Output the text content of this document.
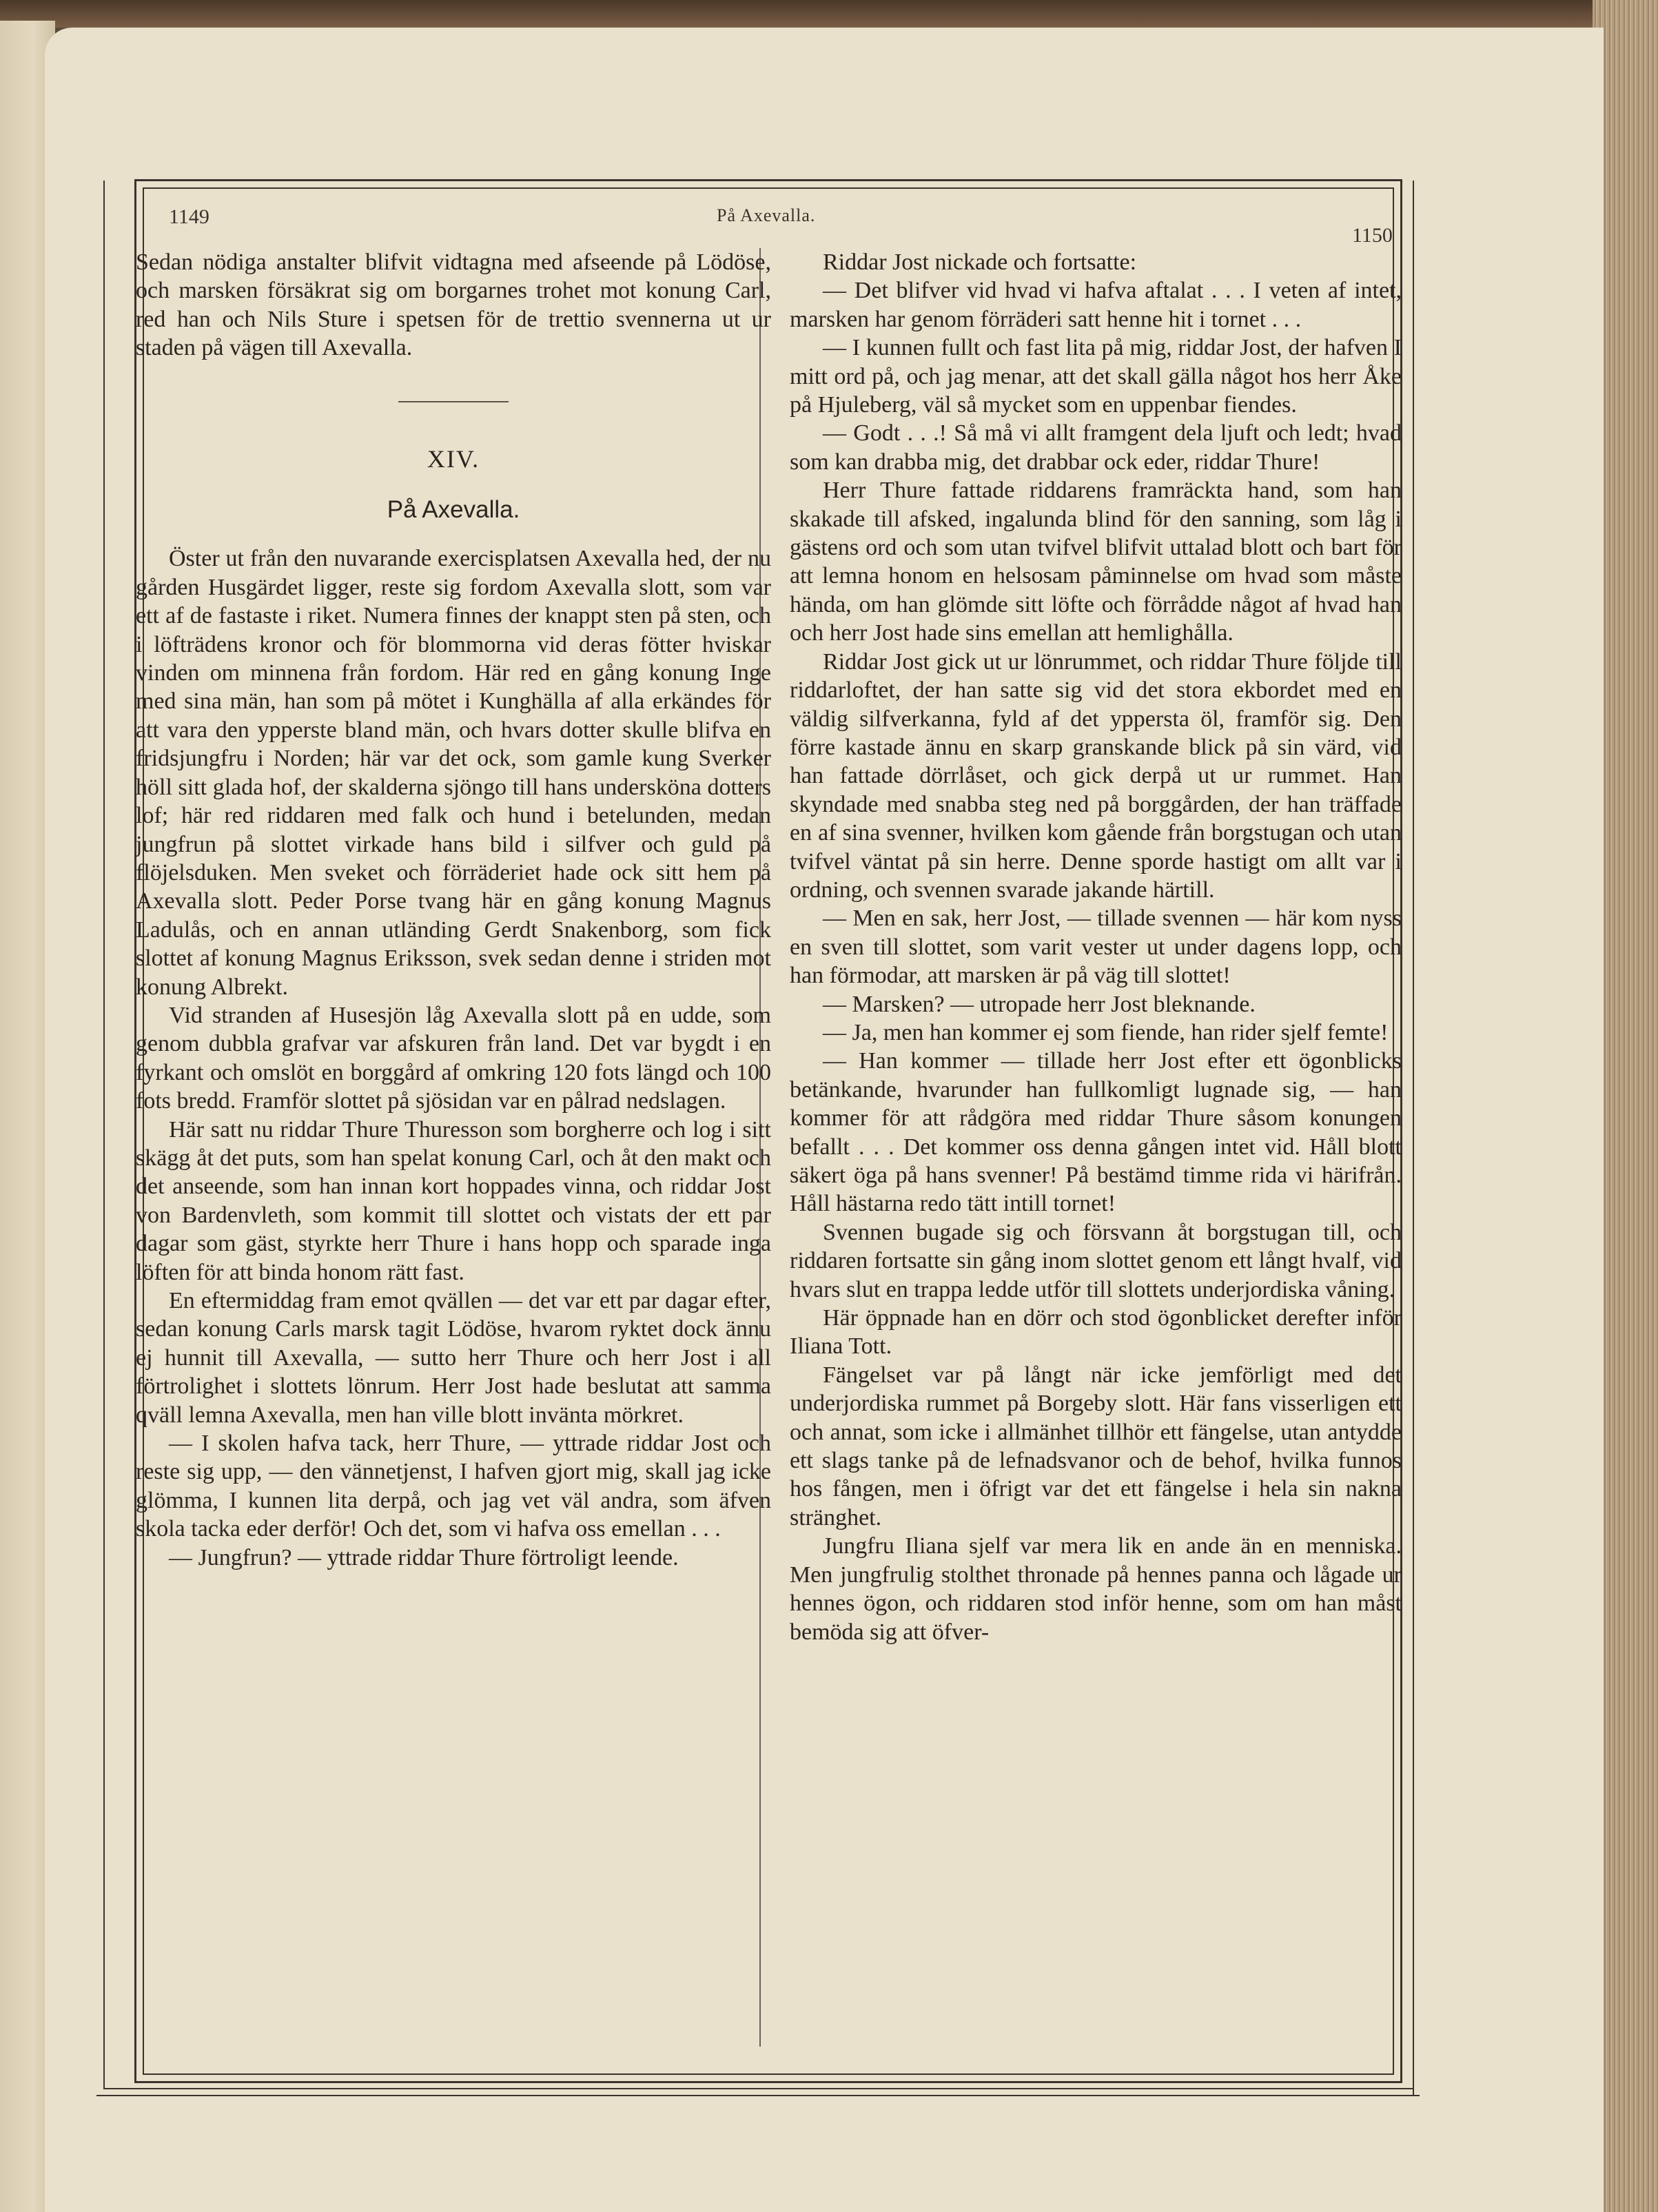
1149	På Axevalla.
1150

Sedan nödiga anstalter blifvit vidtagna med afseende på Lödöse, och marsken försäkrat sig om borgarnes trohet mot konung Carl, red han och Nils Sture i spetsen för de trettio svennerna ut ur staden på vägen till Axevalla.

XIV.
På Axevalla.

Öster ut från den nuvarande exercisplatsen Axevalla hed, der nu gården Husgärdet ligger, reste sig fordom Axevalla slott, som var ett af de fastaste i riket. Numera finnes der knappt sten på sten, och i löfträdens kronor och för blommorna vid deras fötter hviskar vinden om minnena från fordom. Här red en gång konung Inge med sina män, han som på mötet i Kunghälla af alla erkändes för att vara den ypperste bland män, och hvars dotter skulle blifva en fridsjungfru i Norden; här var det ock, som gamle kung Sverker höll sitt glada hof, der skalderna sjöngo till hans undersköna dotters lof; här red riddaren med falk och hund i betelunden, medan jungfrun på slottet virkade hans bild i silfver och guld på flöjelsduken. Men sveket och förräderiet hade ock sitt hem på Axevalla slott. Peder Porse tvang här en gång konung Magnus Ladulås, och en annan utländing Gerdt Snakenborg, som fick slottet af konung Magnus Eriksson, svek sedan denne i striden mot konung Albrekt.

Vid stranden af Husesjön låg Axevalla slott på en udde, som genom dubbla grafvar var afskuren från land. Det var bygdt i en fyrkant och omslöt en borggård af omkring 120 fots längd och 100 fots bredd. Framför slottet på sjösidan var en pålrad nedslagen.

Här satt nu riddar Thure Thuresson som borgherre och log i sitt skägg åt det puts, som han spelat konung Carl, och åt den makt och det anseende, som han innan kort hoppades vinna, och riddar Jost von Bardenvleth, som kommit till slottet och vistats der ett par dagar som gäst, styrkte herr Thure i hans hopp och sparade inga löften för att binda honom rätt fast.

En eftermiddag fram emot qvällen — det var ett par dagar efter, sedan konung Carls marsk tagit Lödöse, hvarom ryktet dock ännu ej hunnit till Axevalla, — sutto herr Thure och herr Jost i all förtrolighet i slottets lönrum. Herr Jost hade beslutat att samma qväll lemna Axevalla, men han ville blott invänta mörkret.

— I skolen hafva tack, herr Thure, — yttrade riddar Jost och reste sig upp, — den vännetjenst, I hafven gjort mig, skall jag icke glömma, I kunnen lita derpå, och jag vet väl andra, som äfven skola tacka eder derför! Och det, som vi hafva oss emellan . . .

— Jungfrun? — yttrade riddar Thure förtroligt leende.

Riddar Jost nickade och fortsatte:

— Det blifver vid hvad vi hafva aftalat . . . I veten af intet, marsken har genom förräderi satt henne hit i tornet . . .

— I kunnen fullt och fast lita på mig, riddar Jost, der hafven I mitt ord på, och jag menar, att det skall gälla något hos herr Åke på Hjuleberg, väl så mycket som en uppenbar fiendes.

— Godt . . .! Så må vi allt framgent dela ljuft och ledt; hvad som kan drabba mig, det drabbar ock eder, riddar Thure!

Herr Thure fattade riddarens framräckta hand, som han skakade till afsked, ingalunda blind för den sanning, som låg i gästens ord och som utan tvifvel blifvit uttalad blott och bart för att lemna honom en helsosam påminnelse om hvad som måste hända, om han glömde sitt löfte och förrådde något af hvad han och herr Jost hade sins emellan att hemlighålla.

Riddar Jost gick ut ur lönrummet, och riddar Thure följde till riddarloftet, der han satte sig vid det stora ekbordet med en väldig silfverkanna, fyld af det yppersta öl, framför sig. Den förre kastade ännu en skarp granskande blick på sin värd, vid han fattade dörrlåset, och gick derpå ut ur rummet. Han skyndade med snabba steg ned på borggården, der han träffade en af sina svenner, hvilken kom gående från borgstugan och utan tvifvel väntat på sin herre. Denne sporde hastigt om allt var i ordning, och svennen svarade jakande härtill.

— Men en sak, herr Jost, — tillade svennen — här kom nyss en sven till slottet, som varit vester ut under dagens lopp, och han förmodar, att marsken är på väg till slottet!

— Marsken? — utropade herr Jost bleknande.

— Ja, men han kommer ej som fiende, han rider sjelf femte!

— Han kommer — tillade herr Jost efter ett ögonblicks betänkande, hvarunder han fullkomligt lugnade sig, — han kommer för att rådgöra med riddar Thure såsom konungen befallt . . . Det kommer oss denna gången intet vid. Håll blott säkert öga på hans svenner! På bestämd timme rida vi härifrån. Håll hästarna redo tätt intill tornet!

Svennen bugade sig och försvann åt borgstugan till, och riddaren fortsatte sin gång inom slottet genom ett långt hvalf, vid hvars slut en trappa ledde utför till slottets underjordiska våning.

Här öppnade han en dörr och stod ögonblicket derefter inför Iliana Tott.

Fängelset var på långt när icke jemförligt med det underjordiska rummet på Borgeby slott. Här fans visserligen ett och annat, som icke i allmänhet tillhör ett fängelse, utan antydde ett slags tanke på de lefnadsvanor och de behof, hvilka funnos hos fången, men i öfrigt var det ett fängelse i hela sin nakna stränghet.

Jungfru Iliana sjelf var mera lik en ande än en menniska. Men jungfrulig stolthet thronade på hennes panna och lågade ur hennes ögon, och riddaren stod inför henne, som om han måst bemöda sig att öfver-
